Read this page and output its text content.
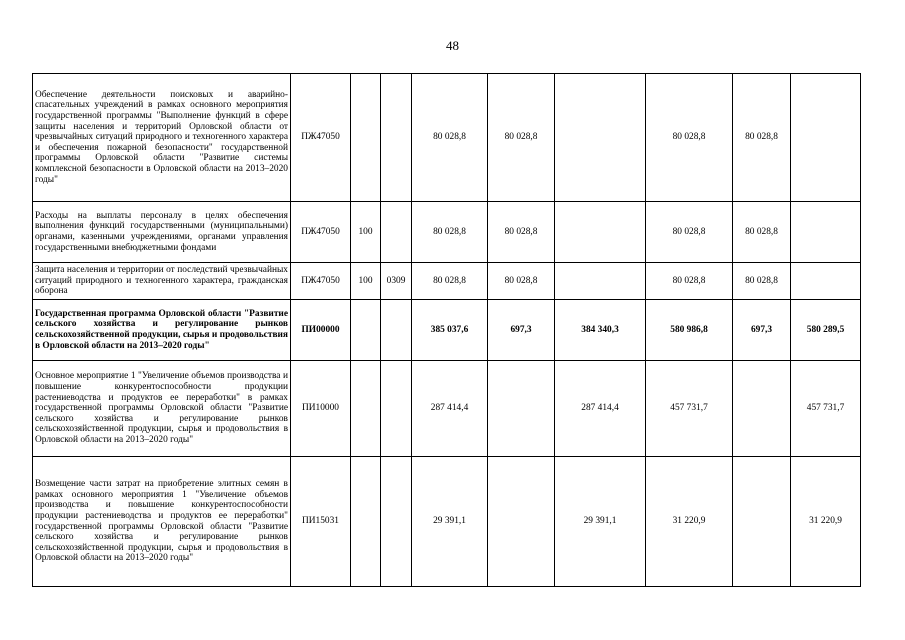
48
Обеспечение деятельности поисковых и аварийно-спасательных учреждений в рамках основного мероприятия государственной программы "Выполнение функций в сфере защиты населения и территорий Орловской области от чрезвычайных ситуаций природного и техногенного характера и обеспечения пожарной безопасности" государственной программы Орловской области "Развитие системы комплексной безопасности в Орловской области на 2013–2020 годы"	ПЖ47050			80 028,8	80 028,8		80 028,8	80 028,8	
Расходы на выплаты персоналу в целях обеспечения выполнения функций государственными (муниципальными) органами, казенными учреждениями, органами управления государственными внебюджетными фондами	ПЖ47050	100		80 028,8	80 028,8		80 028,8	80 028,8	
Защита населения и территории от последствий чрезвычайных ситуаций природного и техногенного характера, гражданская оборона	ПЖ47050	100	0309	80 028,8	80 028,8		80 028,8	80 028,8	
Государственная программа Орловской области "Развитие сельского хозяйства и регулирование рынков сельскохозяйственной продукции, сырья и продовольствия в Орловской области на 2013–2020 годы"	ПИ00000			385 037,6	697,3	384 340,3	580 986,8	697,3	580 289,5
Основное мероприятие 1 "Увеличение объемов производства и повышение конкурентоспособности продукции растениеводства и продуктов ее переработки" в рамках государственной программы Орловской области "Развитие сельского хозяйства и регулирование рынков сельскохозяйственной продукции, сырья и продовольствия в Орловской области на 2013–2020 годы"	ПИ10000			287 414,4		287 414,4	457 731,7		457 731,7
Возмещение части затрат на приобретение элитных семян в рамках основного мероприятия 1 "Увеличение объемов производства и повышение конкурентоспособности продукции растениеводства и продуктов ее переработки" государственной программы Орловской области "Развитие сельского хозяйства и регулирование рынков сельскохозяйственной продукции, сырья и продовольствия в Орловской области на 2013–2020 годы"	ПИ15031			29 391,1		29 391,1	31 220,9		31 220,9
